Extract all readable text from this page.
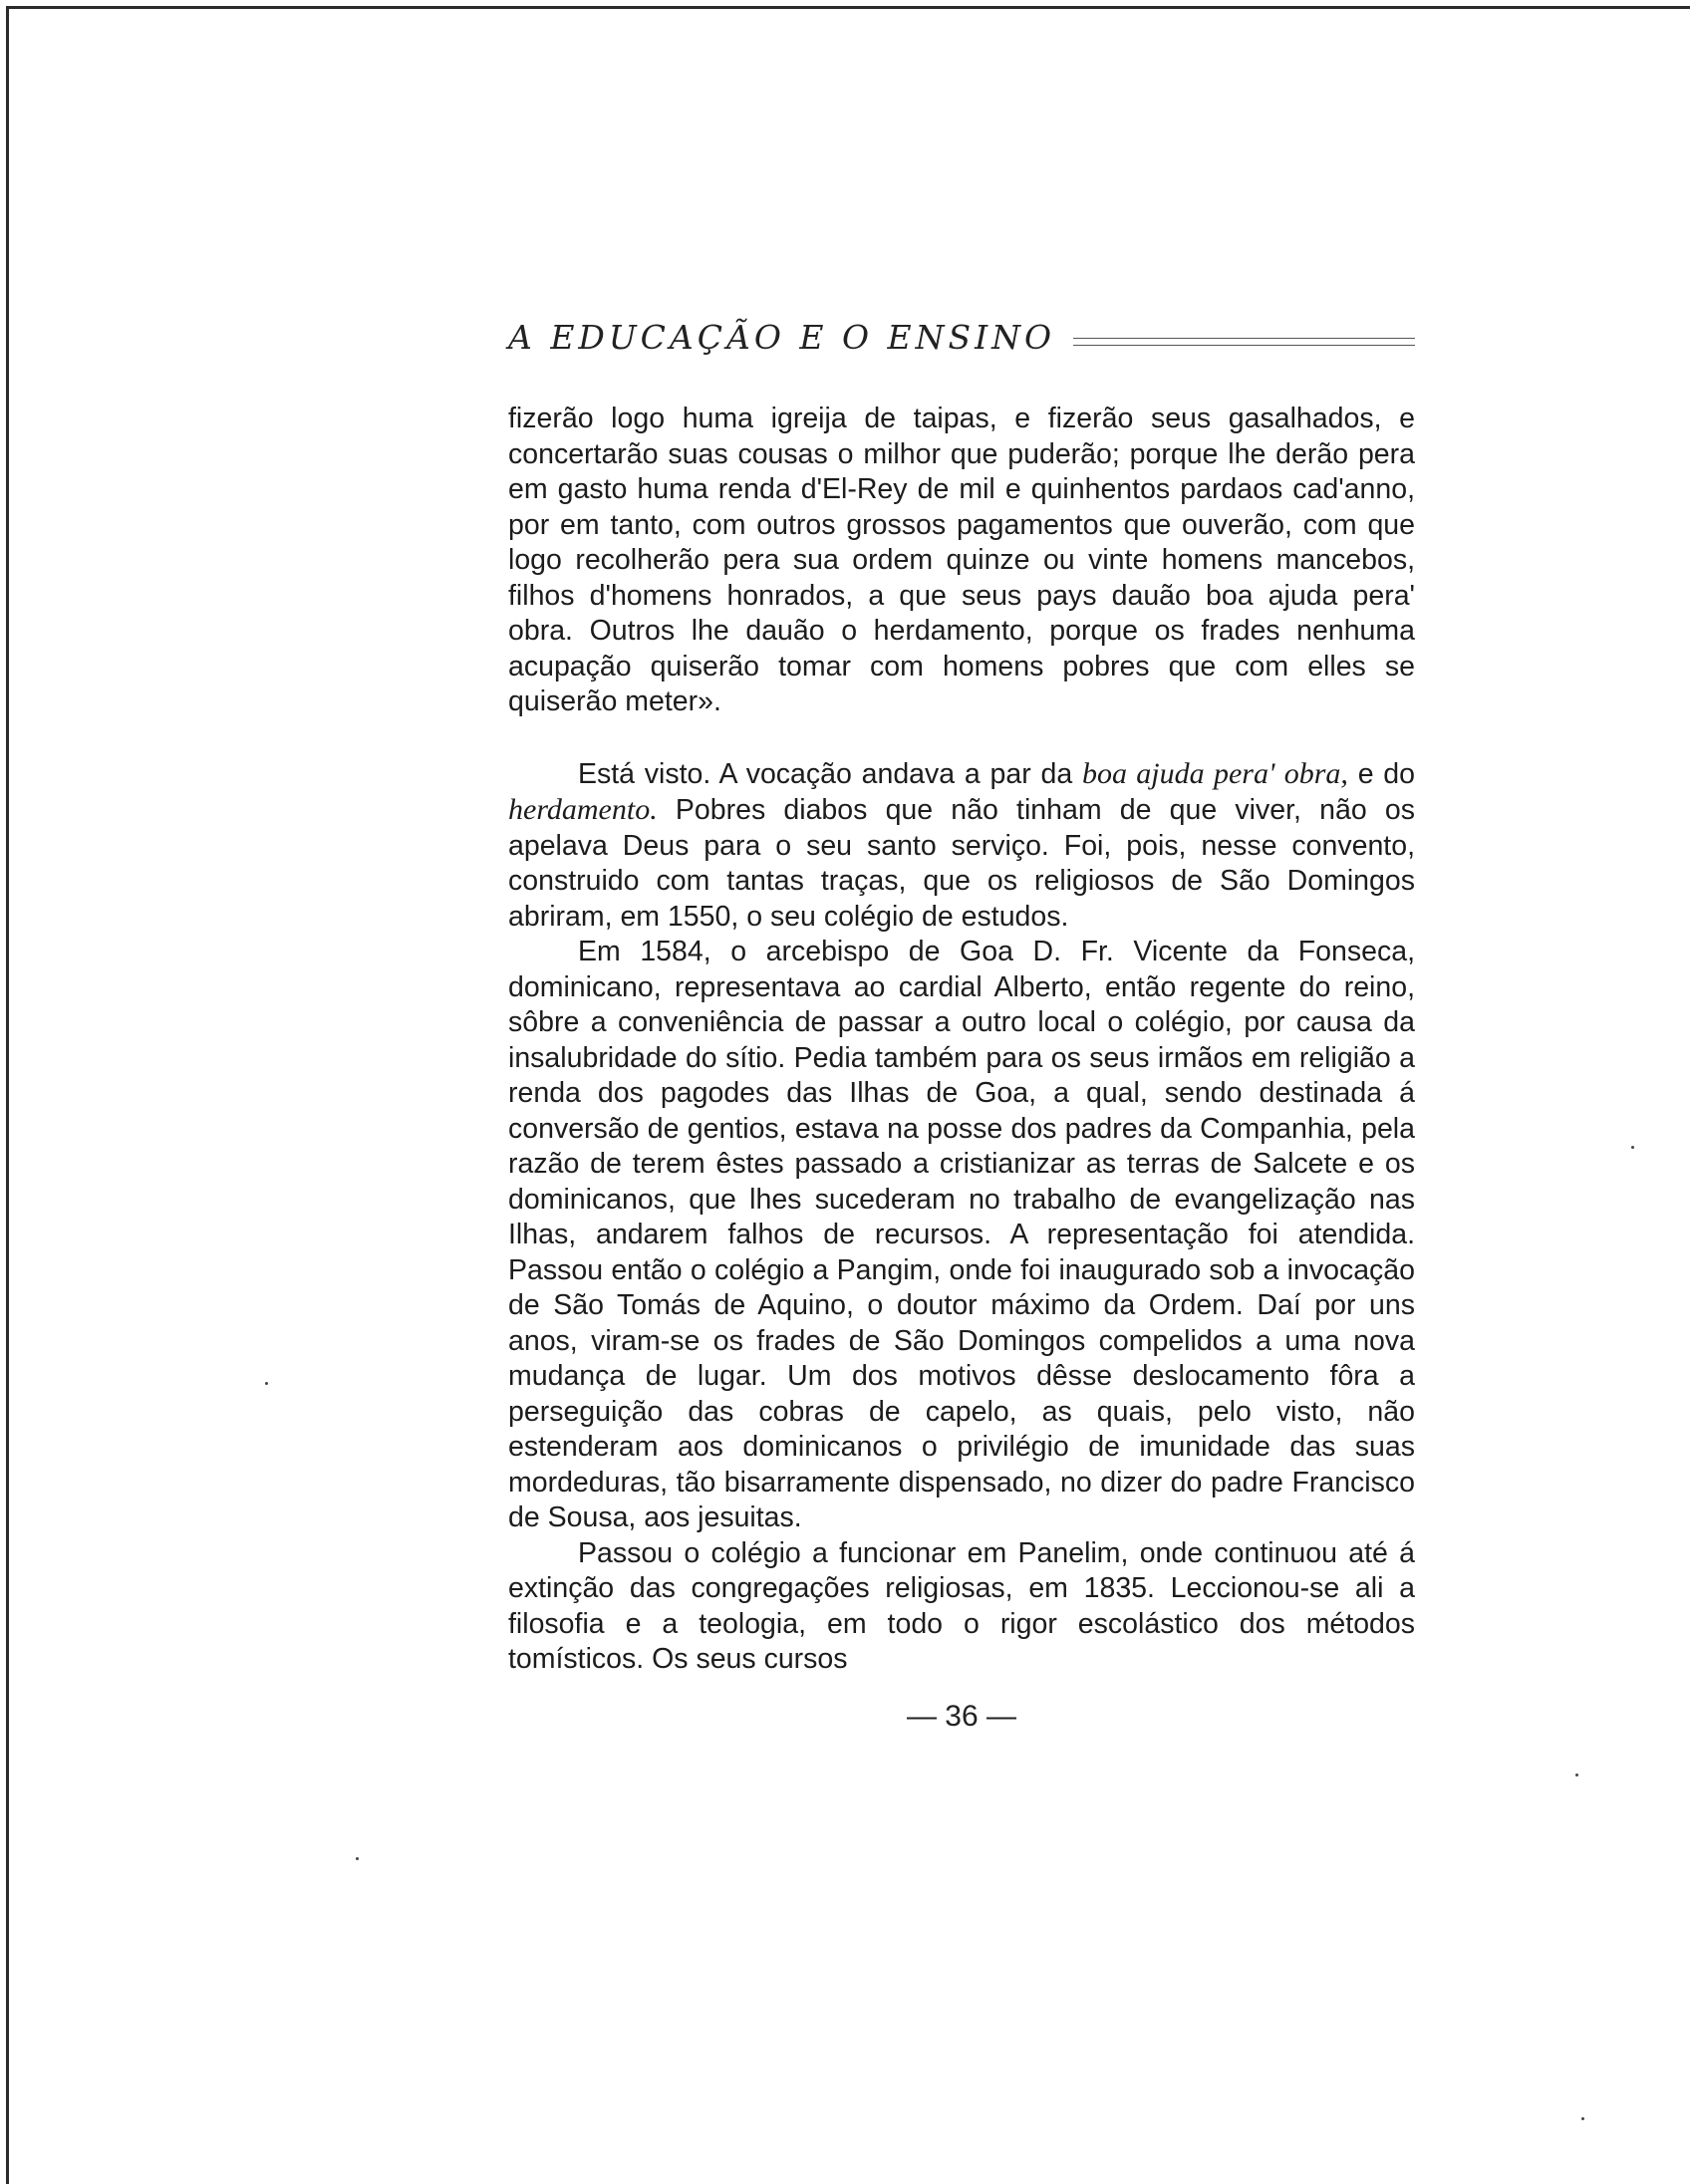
A EDUCAÇÃO E O ENSINO

fizerão logo huma igreija de taipas, e fizerão seus gasalhados, e concertarão suas cousas o milhor que puderão; porque lhe derão pera em gasto huma renda d'El-Rey de mil e quinhentos pardaos cad'anno, por em tanto, com outros grossos pagamentos que ouverão, com que logo recolherão pera sua ordem quinze ou vinte homens mancebos, filhos d'homens honrados, a que seus pays dauão boa ajuda pera' obra. Outros lhe dauão o herdamento, porque os frades nenhuma acupação quiserão tomar com homens pobres que com elles se quiserão meter».

Está visto. A vocação andava a par da boa ajuda pera' obra, e do herdamento. Pobres diabos que não tinham de que viver, não os apelava Deus para o seu santo serviço. Foi, pois, nesse convento, construido com tantas traças, que os religiosos de São Domingos abriram, em 1550, o seu colégio de estudos.

Em 1584, o arcebispo de Goa D. Fr. Vicente da Fonseca, dominicano, representava ao cardial Alberto, então regente do reino, sôbre a conveniência de passar a outro local o colégio, por causa da insalubridade do sítio. Pedia também para os seus irmãos em religião a renda dos pagodes das Ilhas de Goa, a qual, sendo destinada á conversão de gentios, estava na posse dos padres da Companhia, pela razão de terem êstes passado a cristianizar as terras de Salcete e os dominicanos, que lhes sucederam no trabalho de evangelização nas Ilhas, andarem falhos de recursos. A representação foi atendida. Passou então o colégio a Pangim, onde foi inaugurado sob a invocação de São Tomás de Aquino, o doutor máximo da Ordem. Daí por uns anos, viram-se os frades de São Domingos compelidos a uma nova mudança de lugar. Um dos motivos dêsse deslocamento fôra a perseguição das cobras de capelo, as quais, pelo visto, não estenderam aos dominicanos o privilégio de imunidade das suas mordeduras, tão bisarramente dispensado, no dizer do padre Francisco de Sousa, aos jesuitas.

Passou o colégio a funcionar em Panelim, onde continuou até á extinção das congregações religiosas, em 1835. Leccionou-se ali a filosofia e a teologia, em todo o rigor escolástico dos métodos tomísticos. Os seus cursos

— 36 —
